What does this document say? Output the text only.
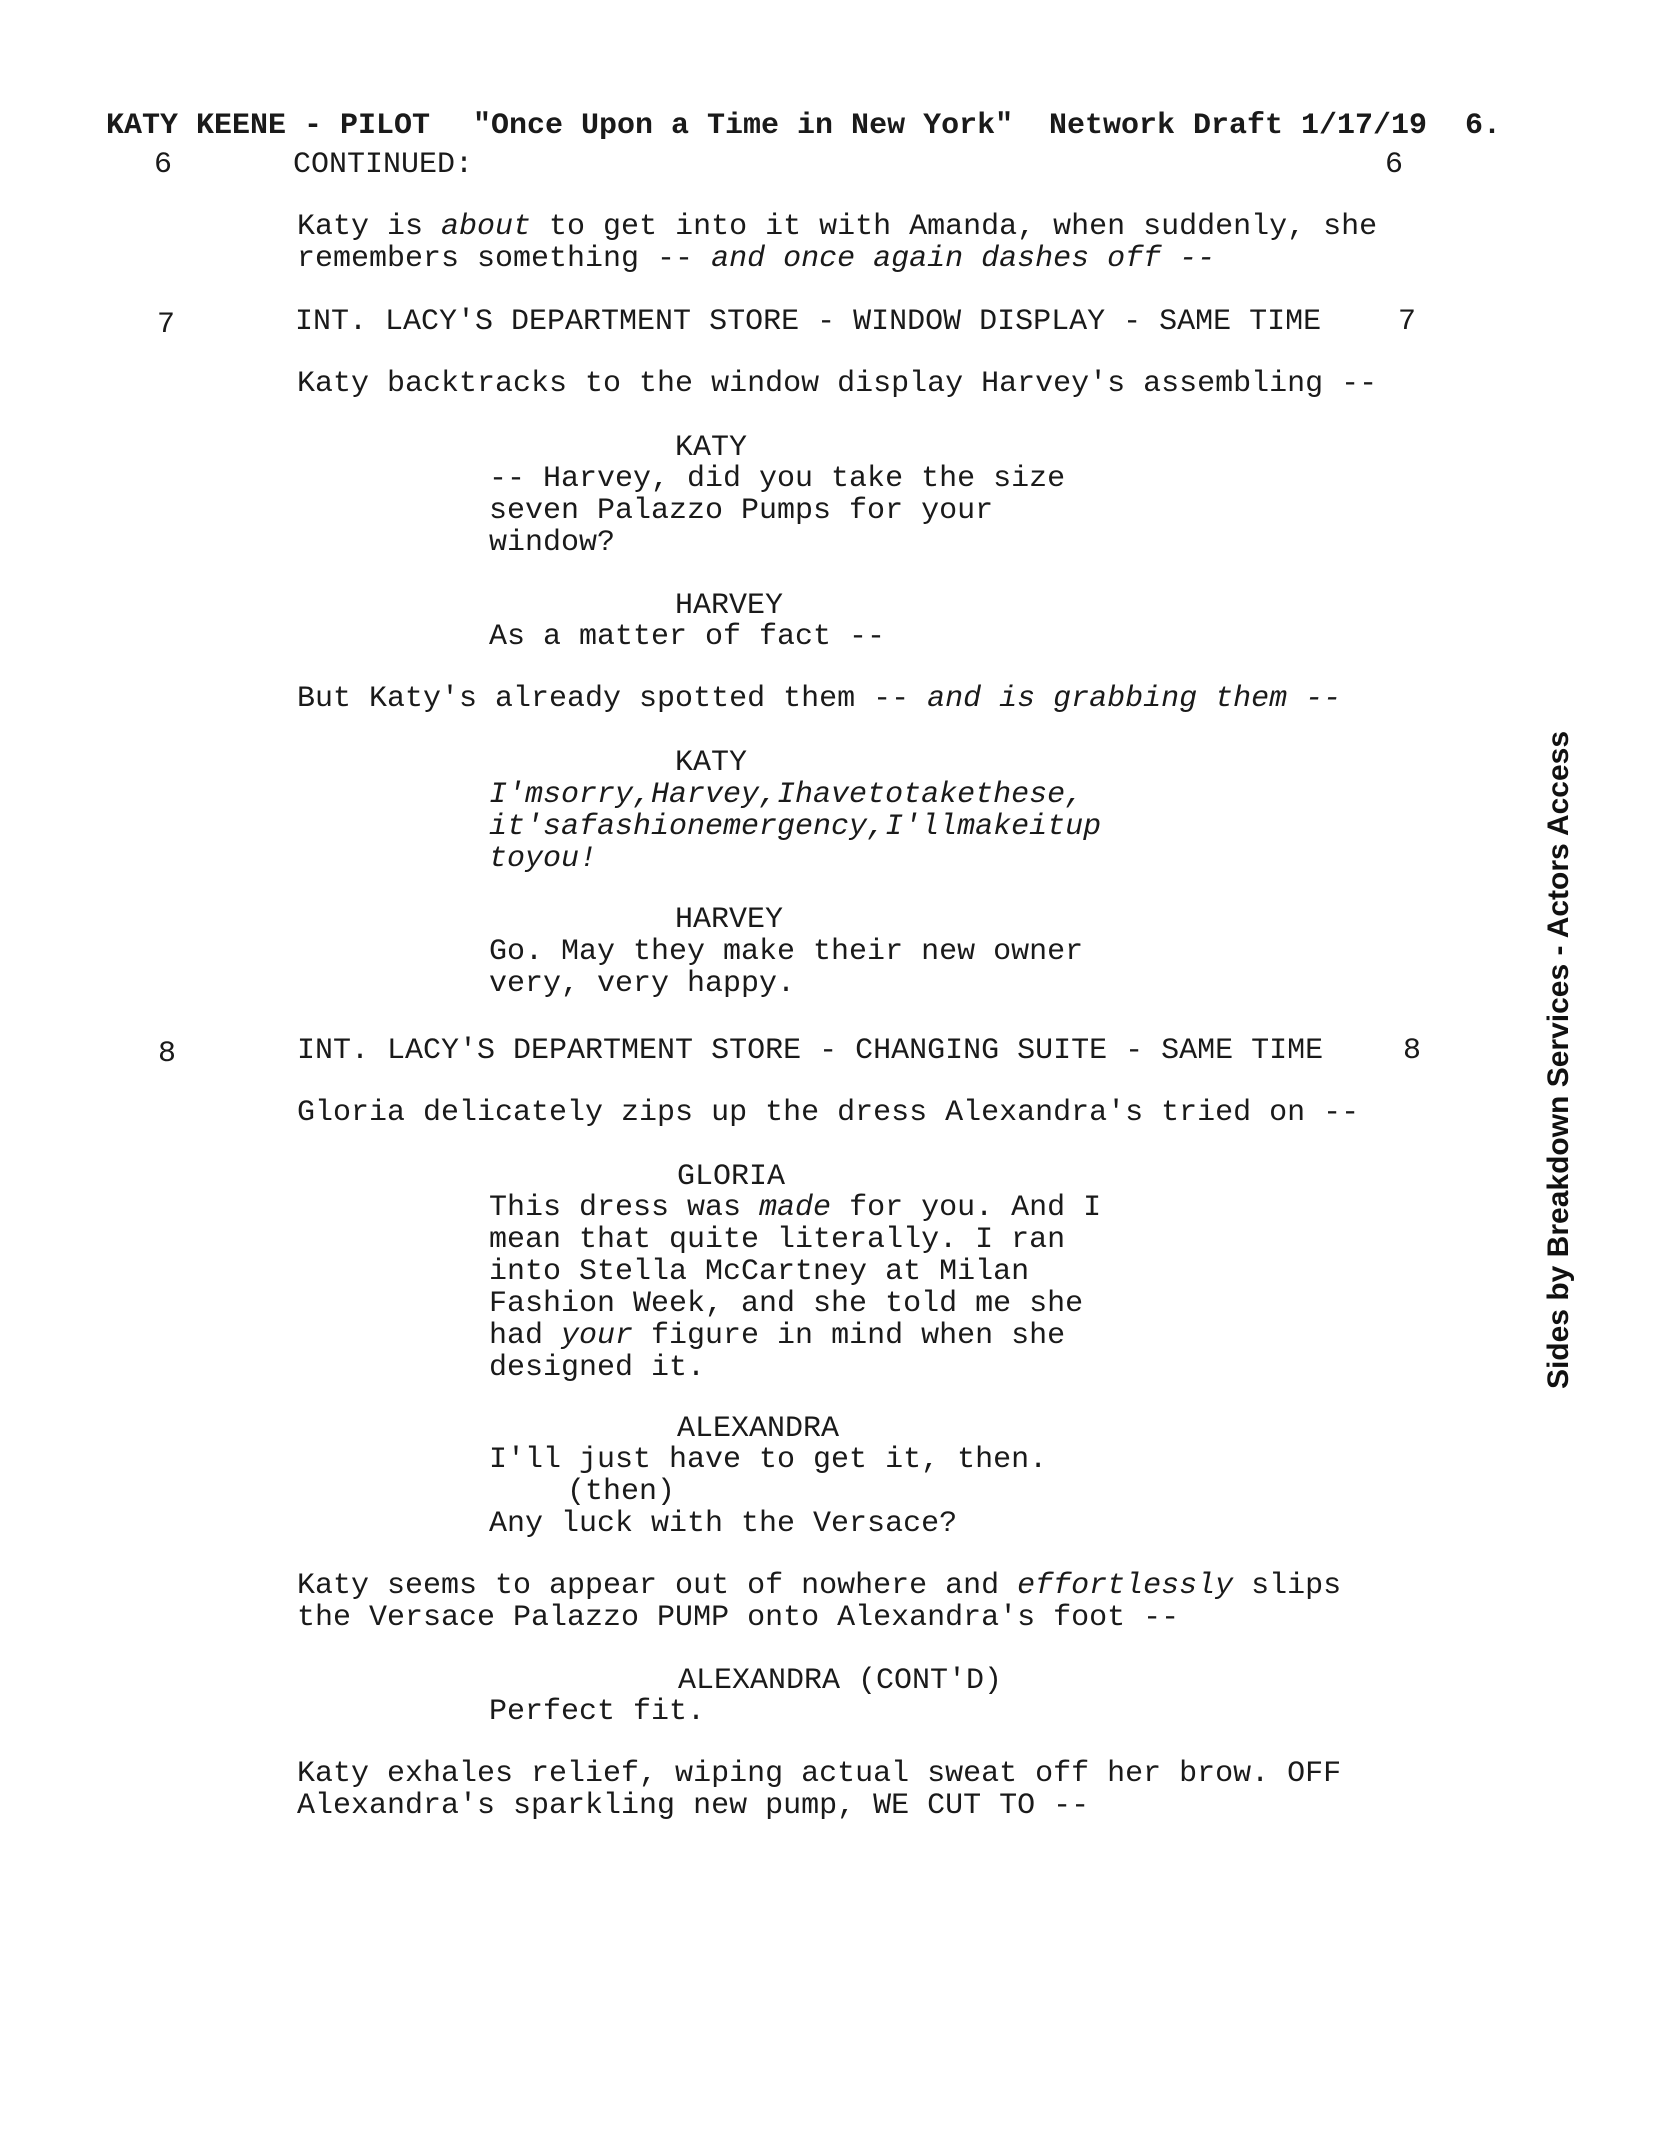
KATY KEENE - PILOT "Once Upon a Time in New York" Network Draft 1/17/19 6.
6	CONTINUED:	6
Katy is about to get into it with Amanda, when suddenly, she
remembers something -- and once again dashes off --
7	INT. LACY'S DEPARTMENT STORE - WINDOW DISPLAY - SAME TIME	7
Katy backtracks to the window display Harvey's assembling --
KATY
-- Harvey, did you take the size
seven Palazzo Pumps for your
window?
HARVEY
As a matter of fact --
But Katy's already spotted them -- and is grabbing them --
KATY
I'msorry,Harvey,Ihavetotakethese,
it'safashionemergency,I'llmakeitup
toyou!
HARVEY
Go. May they make their new owner
very, very happy.
8	INT. LACY'S DEPARTMENT STORE - CHANGING SUITE - SAME TIME	8
Gloria delicately zips up the dress Alexandra's tried on --
GLORIA
This dress was made for you. And I
mean that quite literally. I ran
into Stella McCartney at Milan
Fashion Week, and she told me she
had your figure in mind when she
designed it.
ALEXANDRA
I'll just have to get it, then.
(then)
Any luck with the Versace?
Katy seems to appear out of nowhere and effortlessly slips
the Versace Palazzo PUMP onto Alexandra's foot --
ALEXANDRA (CONT'D)
Perfect fit.
Katy exhales relief, wiping actual sweat off her brow. OFF
Alexandra's sparkling new pump, WE CUT TO --
Sides by Breakdown Services - Actors Access
